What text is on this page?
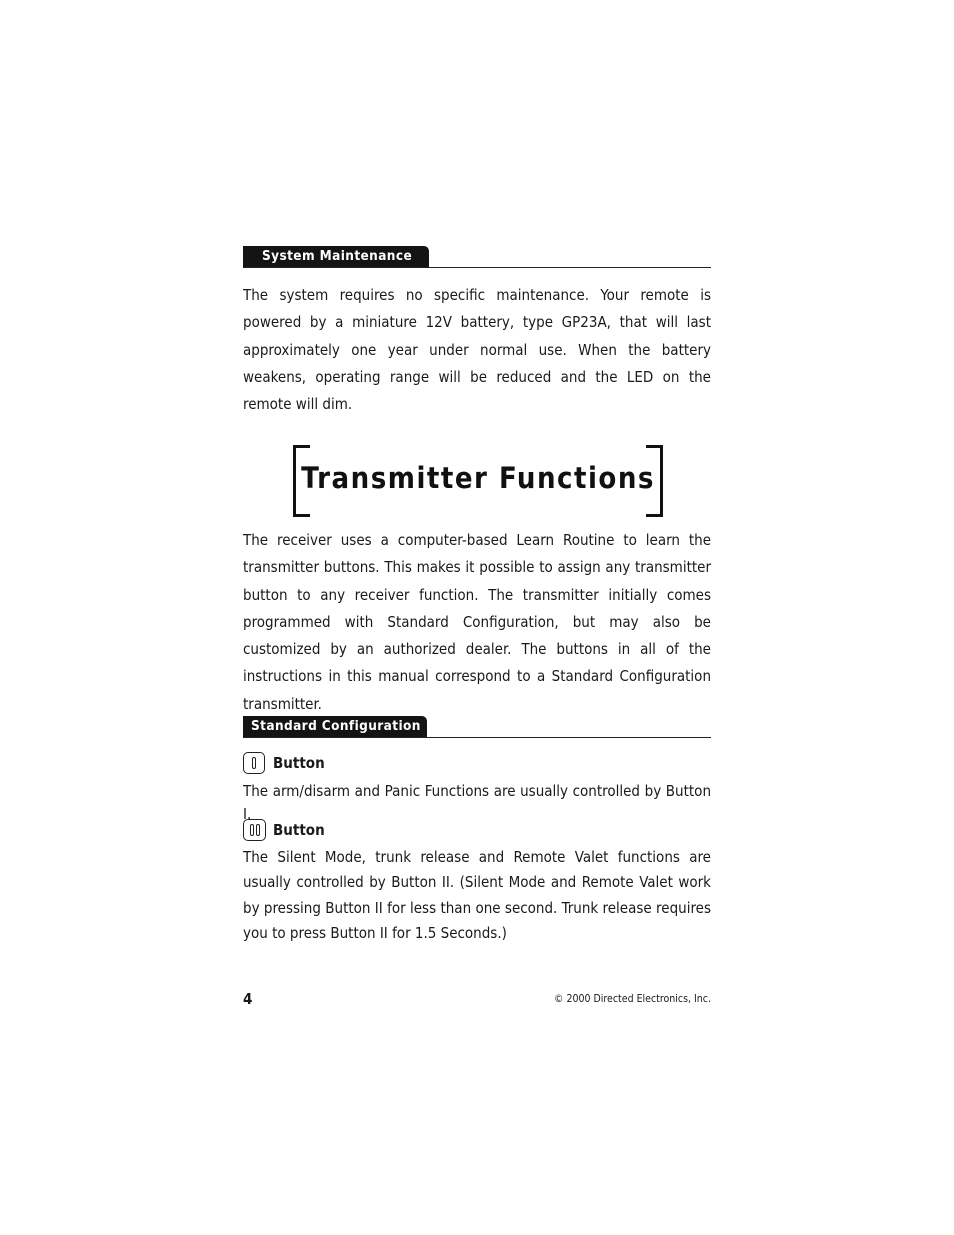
System Maintenance
The system requires no specific maintenance. Your remote is powered by a miniature 12V battery, type GP23A, that will last approximately one year under normal use. When the battery weakens, operating range will be reduced and the LED on the remote will dim.
Transmitter Functions
The receiver uses a computer-based Learn Routine to learn the transmitter buttons. This makes it possible to assign any transmitter button to any receiver function. The transmitter initially comes programmed with Standard Configuration, but may also be customized by an authorized dealer. The buttons in all of the instructions in this manual correspond to a Standard Configuration transmitter.
Standard Configuration
Button
The arm/disarm and Panic Functions are usually controlled by Button I.
Button
The Silent Mode, trunk release and Remote Valet functions are usually controlled by Button II. (Silent Mode and Remote Valet work by pressing Button II for less than one second. Trunk release requires you to press Button II for 1.5 Seconds.)
4	© 2000 Directed Electronics, Inc.
